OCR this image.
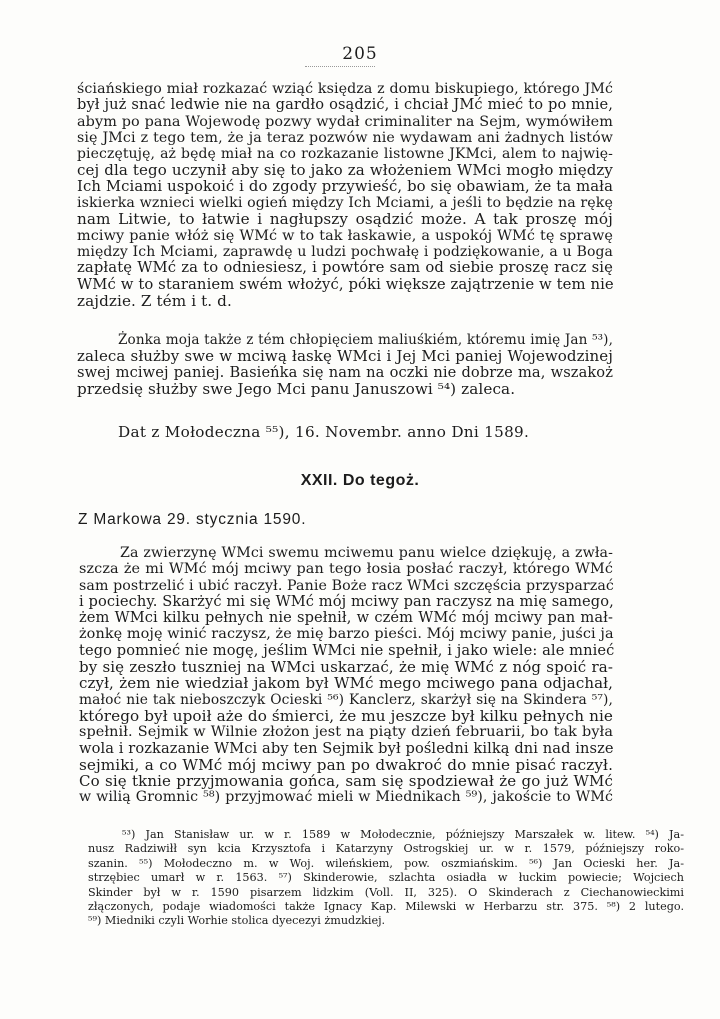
205
ściańskiego miał rozkazać wziąć księdza z domu biskupiego, którego JMć
był już snać ledwie nie na gardło osądzić, i chciał JMć mieć to po mnie,
abym po pana Wojewodę pozwy wydał criminaliter na Sejm, wymówiłem
się JMci z tego tem, że ja teraz pozwów nie wydawam ani żadnych listów
pieczętuję, aż będę miał na co rozkazanie listowne JKMci, alem to najwię-
cej dla tego uczynił aby się to jako za włożeniem WMci mogło między
Ich Mciami uspokoić i do zgody przywieść, bo się obawiam, że ta mała
iskierka wznieci wielki ogień między Ich Mciami, a jeśli to będzie na rękę
nam Litwie, to łatwie i nagłupszy osądzić może. A tak proszę mój
mciwy panie włóż się WMć w to tak łaskawie, a uspokój WMć tę sprawę
między Ich Mciami, zaprawdę u ludzi pochwałę i podziękowanie, a u Boga
zapłatę WMć za to odniesiesz, i powtóre sam od siebie proszę racz się
WMć w to staraniem swém włożyć, póki większe zajątrzenie w tem nie
zajdzie. Z tém i t. d.
Żonka moja także z tém chłopięciem maliuśkiém, któremu imię Jan ⁵³),
zaleca służby swe w mciwą łaskę WMci i Jej Mci paniej Wojewodzinej
swej mciwej paniej. Basieńka się nam na oczki nie dobrze ma, wszakoż
przedsię służby swe Jego Mci panu Januszowi ⁵⁴) zaleca.
Dat z Mołodeczna ⁵⁵), 16. Novembr. anno Dni 1589.
XXII. Do tegoż.
Z Markowa 29. stycznia 1590.
Za zwierzynę WMci swemu mciwemu panu wielce dziękuję, a zwła-
szcza że mi WMć mój mciwy pan tego łosia posłać raczył, którego WMć
sam postrzelić i ubić raczył. Panie Boże racz WMci szczęścia przysparzać
i pociechy. Skarżyć mi się WMć mój mciwy pan raczysz na mię samego,
żem WMci kilku pełnych nie spełnił, w czém WMć mój mciwy pan mał-
żonkę moję winić raczysz, że mię barzo pieści. Mój mciwy panie, juści ja
tego pomnieć nie mogę, jeślim WMci nie spełnił, i jako wiele: ale mnieć
by się zeszło tuszniej na WMci uskarzać, że mię WMć z nóg spoić ra-
czył, żem nie wiedział jakom był WMć mego mciwego pana odjachał,
małoć nie tak nieboszczyk Ocieski ⁵⁶) Kanclerz, skarżył się na Skindera ⁵⁷),
którego był upoił aże do śmierci, że mu jeszcze był kilku pełnych nie
spełnił. Sejmik w Wilnie złożon jest na piąty dzień februarii, bo tak była
wola i rozkazanie WMci aby ten Sejmik był pośledni kilką dni nad insze
sejmiki, a co WMć mój mciwy pan po dwakroć do mnie pisać raczył.
Co się tknie przyjmowania gońca, sam się spodziewał że go już WMć
w wilią Gromnic ⁵⁸) przyjmować mieli w Miednikach ⁵⁹), jakoście to WMć
⁵³) Jan Stanisław ur. w r. 1589 w Mołodecznie, późniejszy Marszałek w. litew. ⁵⁴) Ja-
nusz Radziwiłł syn kcia Krzysztofa i Katarzyny Ostrogskiej ur. w r. 1579, późniejszy roko-
szanin. ⁵⁵) Mołodeczno m. w Woj. wileńskiem, pow. oszmiańskim. ⁵⁶) Jan Ocieski her. Ja-
strzębiec umarł w r. 1563. ⁵⁷) Skinderowie, szlachta osiadła w łuckim powiecie; Wojciech
Skinder był w r. 1590 pisarzem lidzkim (Voll. II, 325). O Skinderach z Ciechanowieckimi
złączonych, podaje wiadomości także Ignacy Kap. Milewski w Herbarzu str. 375. ⁵⁸) 2 lutego.
⁵⁹) Miedniki czyli Worhie stolica dyecezyi żmudzkiej.
